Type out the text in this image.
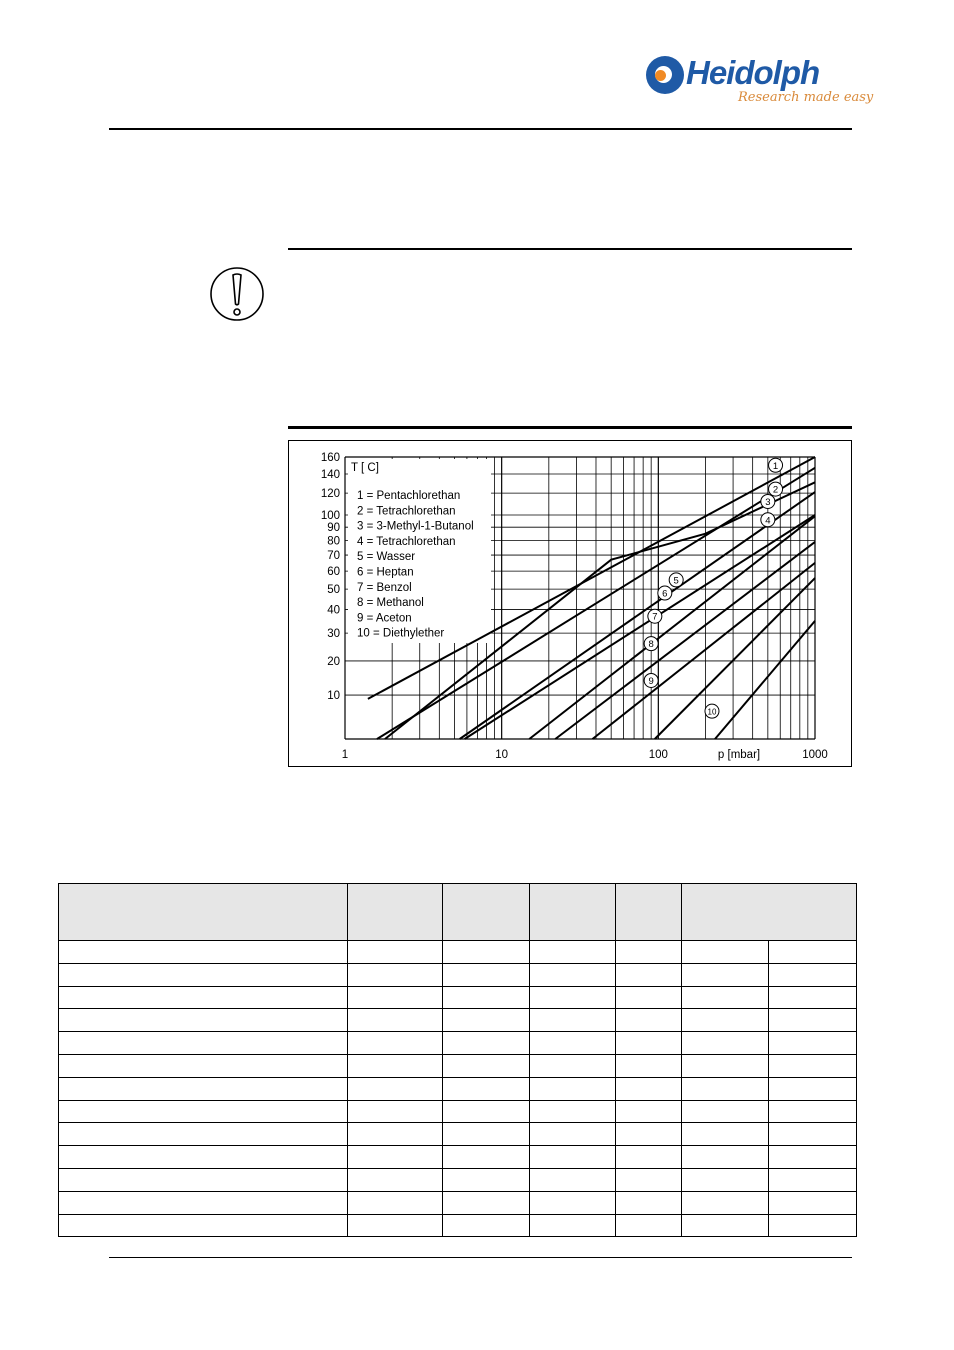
Heidolph
Research made easy
10
20
30
40
50
60
70
80
90
100
120
140
160
1	10	100	1000
p [mbar]
T [ C]
1 = Pentachlorethan
2 = Tetrachlorethan
3 = 3-Methyl-1-Butanol
4 = Tetrachlorethan
5 = Wasser
6 = Heptan
7 = Benzol
8 = Methanol
9 = Aceton
10 = Diethylether
1
2
3
4
5
6
7
8
9
10
